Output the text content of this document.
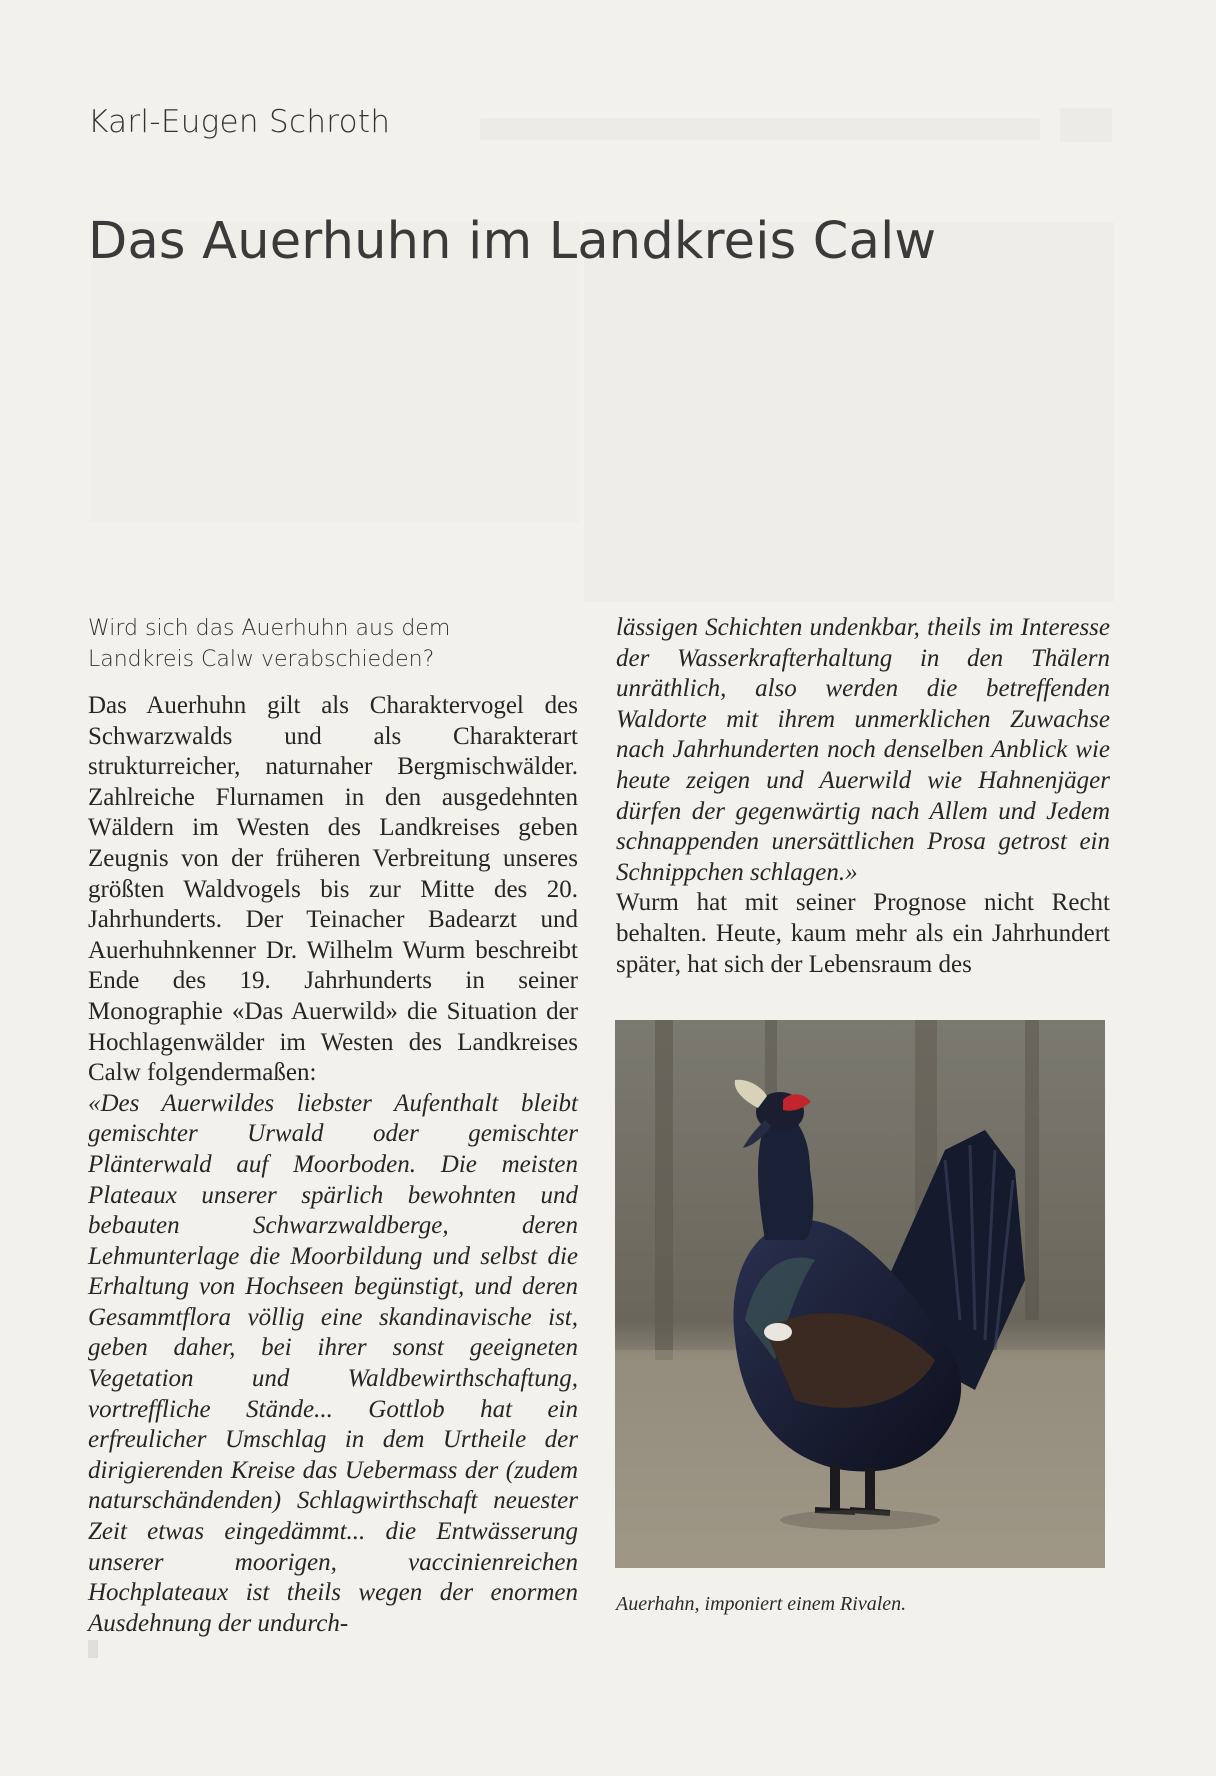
Karl-Eugen Schroth
Das Auerhuhn im Landkreis Calw

Wird sich das Auerhuhn aus dem Landkreis Calw verabschieden?

Das Auerhuhn gilt als Charaktervogel des Schwarzwalds und als Charakterart strukturreicher, naturnaher Bergmischwälder. Zahlreiche Flurnamen in den ausgedehnten Wäldern im Westen des Landkreises geben Zeugnis von der früheren Verbreitung unseres größten Waldvogels bis zur Mitte des 20. Jahrhunderts. Der Teinacher Badearzt und Auerhuhnkenner Dr. Wilhelm Wurm beschreibt Ende des 19. Jahrhunderts in seiner Monographie «Das Auerwild» die Situation der Hochlagenwälder im Westen des Landkreises Calw folgendermaßen:

«Des Auerwildes liebster Aufenthalt bleibt gemischter Urwald oder gemischter Plänterwald auf Moorboden. Die meisten Plateaux unserer spärlich bewohnten und bebauten Schwarzwaldberge, deren Lehmunterlage die Moorbildung und selbst die Erhaltung von Hochseen begünstigt, und deren Gesammtflora völlig eine skandinavische ist, geben daher, bei ihrer sonst geeigneten Vegetation und Waldbewirthschaftung, vortreffliche Stände... Gottlob hat ein erfreulicher Umschlag in dem Urtheile der dirigierenden Kreise das Uebermass der (zudem naturschändenden) Schlagwirthschaft neuester Zeit etwas eingedämmt... die Entwässerung unserer moorigen, vaccinienreichen Hochplateaux ist theils wegen der enormen Ausdehnung der undurch-

lässigen Schichten undenkbar, theils im Interesse der Wasserkrafterhaltung in den Thälern unräthlich, also werden die betreffenden Waldorte mit ihrem unmerklichen Zuwachse nach Jahrhunderten noch denselben Anblick wie heute zeigen und Auerwild wie Hahnenjäger dürfen der gegenwärtig nach Allem und Jedem schnappenden unersättlichen Prosa getrost ein Schnippchen schlagen.»

Wurm hat mit seiner Prognose nicht Recht behalten. Heute, kaum mehr als ein Jahrhundert später, hat sich der Lebensraum des

Auerhahn, imponiert einem Rivalen.
